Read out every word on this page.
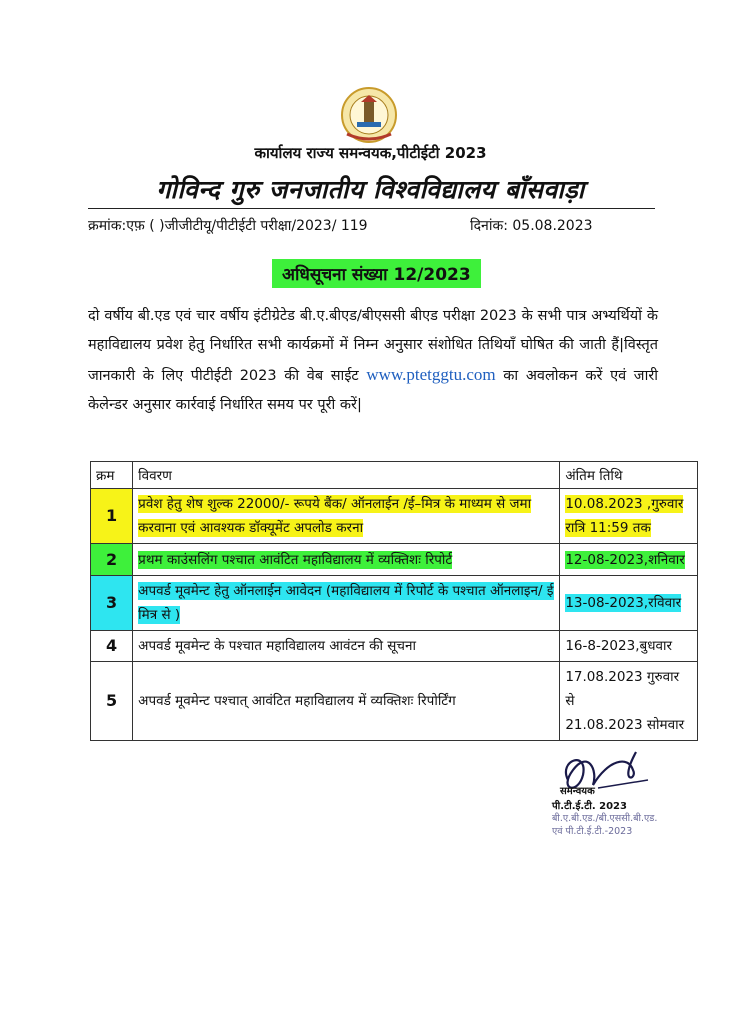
कार्यालय राज्य समन्वयक,पीटीईटी 2023
गोविन्द गुरु जनजातीय विश्वविद्यालय बाँसवाड़ा
क्रमांक:एफ़ ( )जीजीटीयू/पीटीईटी परीक्षा/2023/ 119	दिनांक: 05.08.2023
अधिसूचना संख्या 12/2023
दो वर्षीय बी.एड एवं चार वर्षीय इंटीग्रेटेड बी.ए.बीएड/बीएससी बीएड परीक्षा 2023 के सभी पात्र अभ्यर्थियों के महाविद्यालय प्रवेश हेतु निर्धारित सभी कार्यक्रमों में निम्न अनुसार संशोधित तिथियाँ घोषित की जाती हैं|विस्तृत जानकारी के लिए पीटीईटी 2023 की वेब साईट www.ptetggtu.com का अवलोकन करें एवं जारी केलेन्डर अनुसार कार्रवाई निर्धारित समय पर पूरी करें|
क्रम	विवरण	अंतिम तिथि
1	प्रवेश हेतु शेष शुल्क 22000/- रूपये बैंक/ ऑनलाईन /ई–मित्र के माध्यम से जमा करवाना एवं आवश्यक डॉक्यूमेंट अपलोड करना	10.08.2023 ,गुरुवार
रात्रि 11:59 तक
2	प्रथम काउंसलिंग पश्चात आवंटित महाविद्यालय में व्यक्तिशः रिपोर्ट	12-08-2023,शनिवार
3	अपवर्ड मूवमेन्ट हेतु ऑनलाईन आवेदन (महाविद्यालय में रिपोर्ट के पश्चात ऑनलाइन/ ई मित्र से )	13-08-2023,रविवार
4	अपवर्ड मूवमेन्ट के पश्चात महाविद्यालय आवंटन की सूचना	16-8-2023,बुधवार
5	अपवर्ड मूवमेन्ट पश्चात् आवंटित महाविद्यालय में व्यक्तिशः रिपोर्टिंग	17.08.2023 गुरुवार से
21.08.2023 सोमवार
समन्वयक
पी.टी.ई.टी. 2023
बी.ए.बी.एड./बी.एससी.बी.एड.
एवं पी.टी.ई.टी.-2023
